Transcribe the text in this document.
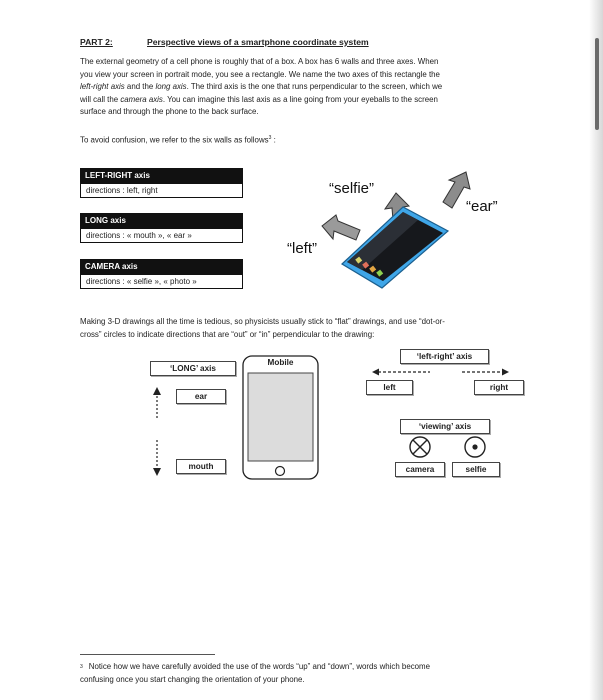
PART 2:	Perspective views of a smartphone coordinate system
The external geometry of a cell phone is roughly that of a box. A box has 6 walls and three axes. When
you view your screen in portrait mode, you see a rectangle. We name the two axes of this rectangle the
left-right axis and the long axis. The third axis is the one that runs perpendicular to the screen, which we
will call the camera axis. You can imagine this last axis as a line going from your eyeballs to the screen
surface and through the phone to the back surface.
To avoid confusion, we refer to the six walls as follows$^3$ :
LEFT-RIGHT axis
directions : left, right
LONG axis
directions : « mouth », « ear »
CAMERA axis
directions : « selfie », « photo »
“selfie”
“ear”
“left”
Making 3-D drawings all the time is tedious, so physicists usually stick to “flat” drawings, and use “dot-or-
cross” circles to indicate directions that are “out” or “in” perpendicular to the drawing:
‘LONG’ axis
ear
mouth
Mobile
‘left-right’ axis
left	right
‘viewing’ axis
camera	selfie
$^3$ Notice how we have carefully avoided the use of the words “up” and “down”, words which become
confusing once you start changing the orientation of your phone.
